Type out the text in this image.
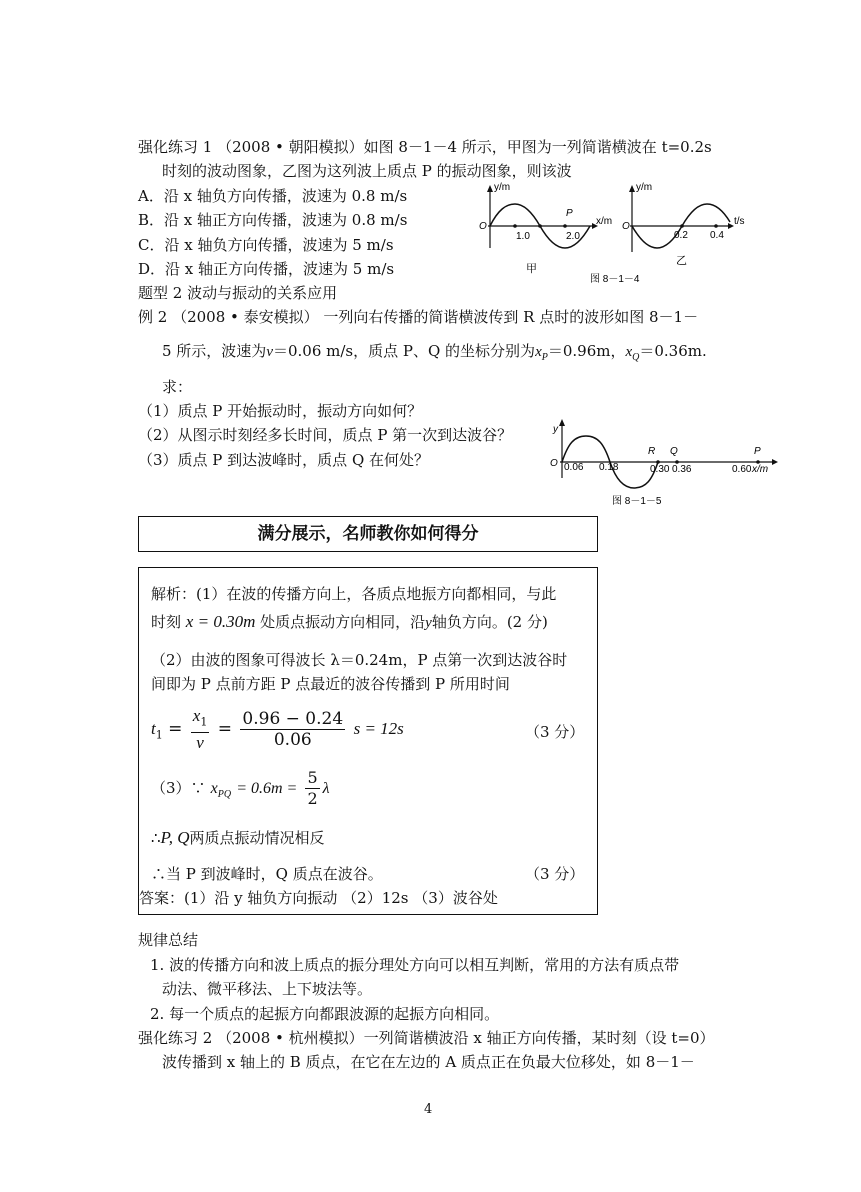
强化练习 1 （2008 • 朝阳模拟）如图 8－1－4 所示，甲图为一列简谐横波在 t=0.2s
时刻的波动图象，乙图为这列波上质点 P 的振动图象，则该波
A．沿 x 轴负方向传播，波速为 0.8 m/s
B．沿 x 轴正方向传播，波速为 0.8 m/s
C．沿 x 轴负方向传播，波速为 5 m/s
D．沿 x 轴正方向传播，波速为 5 m/s
y/m
x/m
O
1.0	2.0
P
甲
y/m
t/s
O
0.2 0.4
乙
图 8－1－4
题型 2 波动与振动的关系应用
例 2 （2008 • 泰安模拟） 一列向右传播的简谐横波传到 R 点时的波形如图 8－1－
5 所示，波速为v＝0.06 m/s，质点 P、Q 的坐标分别为$x_P=0.96m$，$x_Q=0.36m$.
求：
（1）质点 P 开始振动时，振动方向如何？
（2）从图示时刻经多长时间，质点 P 第一次到达波谷？
（3）质点 P 到达波峰时，质点 Q 在何处？
y
O 0.06 0.18	0.30 0.36	0.60 x/m
R Q	P
图 8－1－5
满分展示，名师教你如何得分
解析：(1）在波的传播方向上，各质点地振方向都相同，与此
时刻 x = 0.30m 处质点振动方向相同，沿y轴负方向。(2 分)
（2）由波的图象可得波长 λ＝0.24m，P 点第一次到达波谷时
间即为 P 点前方距 P 点最近的波谷传播到 P 所用时间
$t_1 = \frac{x_1}{v} = \frac{0.96 - 0.24}{0.06}$ s = 12s	（3 分）
（3）∵ $x_{PQ} = 0.6m = \frac{5}{2}$ λ
∴P, Q两质点振动情况相反
∴当 P 到波峰时，Q 质点在波谷。	（3 分）
答案：(1）沿 y 轴负方向振动 （2）12s （3）波谷处
规律总结
1. 波的传播方向和波上质点的振分理处方向可以相互判断，常用的方法有质点带
动法、微平移法、上下坡法等。
2. 每一个质点的起振方向都跟波源的起振方向相同。
强化练习 2 （2008 • 杭州模拟）一列简谐横波沿 x 轴正方向传播，某时刻（设 t=0）
波传播到 x 轴上的 B 质点，在它在左边的 A 质点正在负最大位移处，如 8－1－
4
